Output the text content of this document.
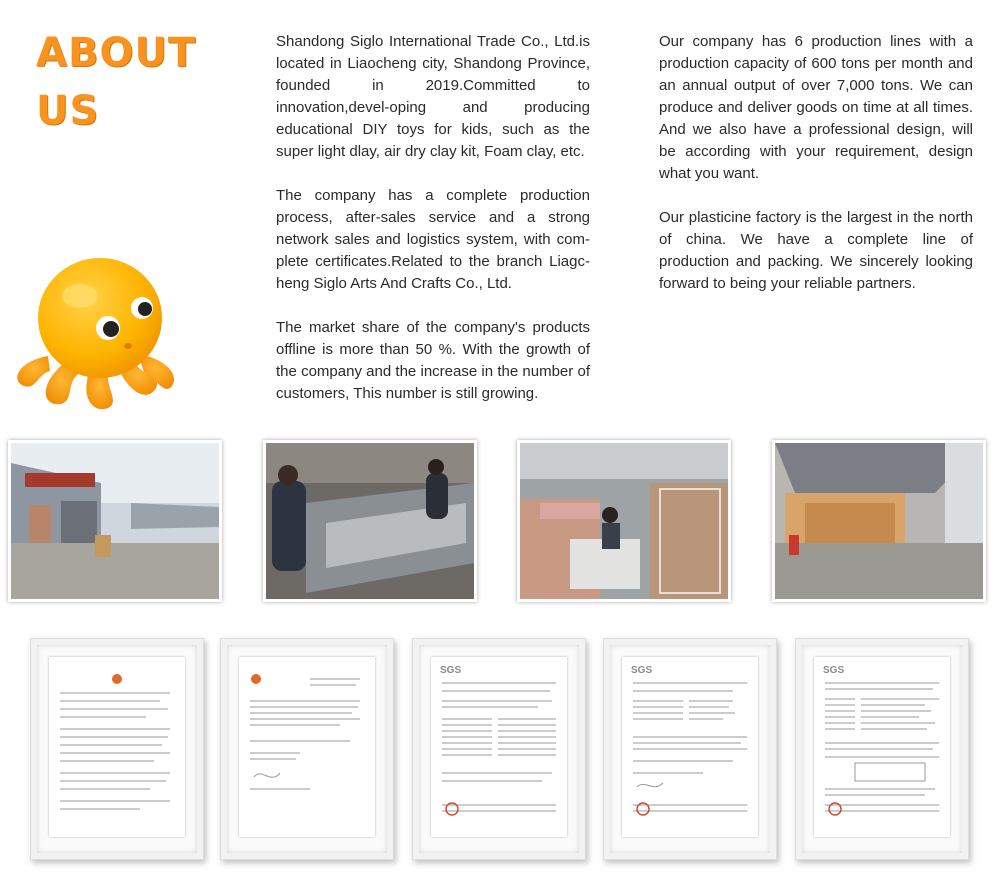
ABOUT
US

Shandong Siglo International Trade Co., Ltd.is located in Liaocheng city, Shandong Province, founded in 2019.Committed to innovation,devel-oping and producing educational DIY toys for kids, such as the super light dlay, air dry clay kit, Foam clay, etc.

The company has a complete production process, after-sales service and a strong network sales and logistics system, with com-plete certificates.Related to the branch Liagc-heng Siglo Arts And Crafts Co., Ltd.

The market share of the company's products offline is more than 50 %. With the growth of the company and the increase in the number of customers, This number is still growing.

Our company has 6 production lines with a production capacity of 600 tons per month and an annual output of over 7,000 tons. We can produce and deliver goods on time at all times. And we also have a professional design, will be according with your requirement, design what you want.

Our plasticine factory is the largest in the north of china. We have a complete line of production and packing. We sincerely looking forward to being your reliable partners.

SGS	SGS	SGS
